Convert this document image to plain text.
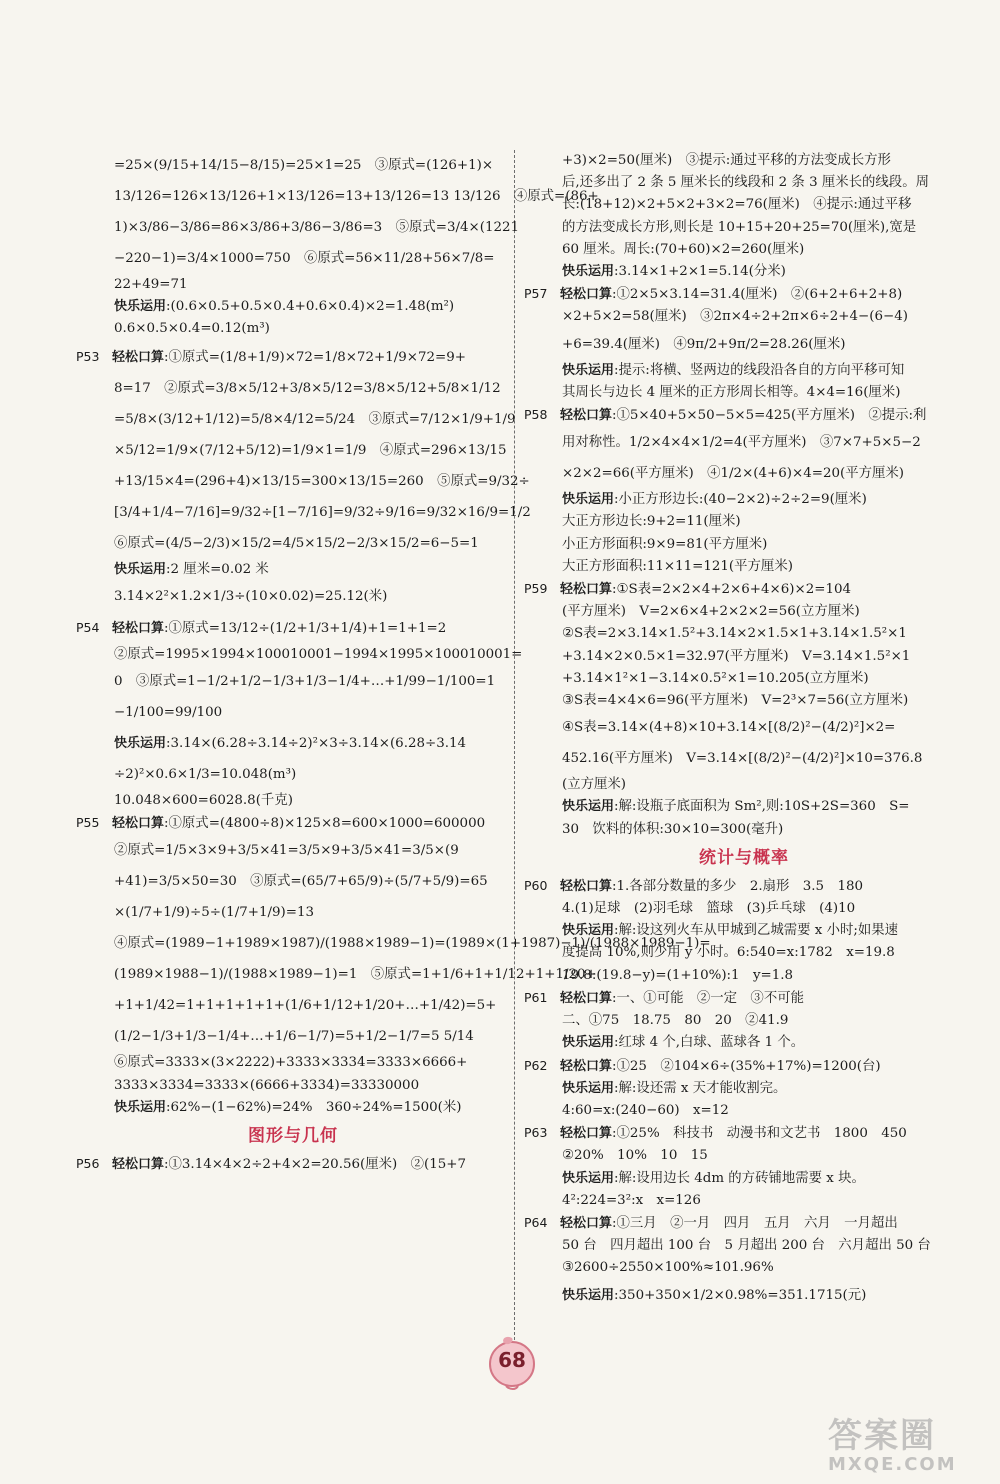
=25×(9/15+14/15−8/15)=25×1=25　③原式=(126+1)×
13/126=126×13/126+1×13/126=13+13/126=13 13/126　④原式=(86+
1)×3/86−3/86=86×3/86+3/86−3/86=3　⑤原式=3/4×(1221
−220−1)=3/4×1000=750　⑥原式=56×11/28+56×7/8=
22+49=71
快乐运用:(0.6×0.5+0.5×0.4+0.6×0.4)×2=1.48(m²)
0.6×0.5×0.4=0.12(m³)
P53 轻松口算:①原式=(1/8+1/9)×72=1/8×72+1/9×72=9+
8=17　②原式=3/8×5/12+3/8×5/12=3/8×5/12+5/8×1/12
=5/8×(3/12+1/12)=5/8×4/12=5/24　③原式=7/12×1/9+1/9
×5/12=1/9×(7/12+5/12)=1/9×1=1/9　④原式=296×13/15
+13/15×4=(296+4)×13/15=300×13/15=260　⑤原式=9/32÷
[3/4+1/4−7/16]=9/32÷[1−7/16]=9/32÷9/16=9/32×16/9=1/2
⑥原式=(4/5−2/3)×15/2=4/5×15/2−2/3×15/2=6−5=1
快乐运用:2 厘米=0.02 米
3.14×2²×1.2×1/3÷(10×0.02)=25.12(米)
P54 轻松口算:①原式=13/12÷(1/2+1/3+1/4)+1=1+1=2
②原式=1995×1994×100010001−1994×1995×100010001=
0　③原式=1−1/2+1/2−1/3+1/3−1/4+…+1/99−1/100=1
−1/100=99/100
快乐运用:3.14×(6.28÷3.14÷2)²×3÷3.14×(6.28÷3.14
÷2)²×0.6×1/3=10.048(m³)
10.048×600=6028.8(千克)
P55 轻松口算:①原式=(4800÷8)×125×8=600×1000=600000
②原式=1/5×3×9+3/5×41=3/5×9+3/5×41=3/5×(9
+41)=3/5×50=30　③原式=(65/7+65/9)÷(5/7+5/9)=65
×(1/7+1/9)÷5÷(1/7+1/9)=13
④原式=(1989−1+1989×1987)/(1988×1989−1)=(1989×(1+1987)−1)/(1988×1989−1)=
(1989×1988−1)/(1988×1989−1)=1　⑤原式=1+1/6+1+1/12+1+1/20+
+1+1/42=1+1+1+1+1+(1/6+1/12+1/20+…+1/42)=5+
(1/2−1/3+1/3−1/4+…+1/6−1/7)=5+1/2−1/7=5 5/14
⑥原式=3333×(3×2222)+3333×3334=3333×6666+
3333×3334=3333×(6666+3334)=33330000
快乐运用:62%−(1−62%)=24%　360÷24%=1500(米)
图形与几何
P56 轻松口算:①3.14×4×2÷2+4×2=20.56(厘米)　②(15+7
+3)×2=50(厘米)　③提示:通过平移的方法变成长方形
后,还多出了 2 条 5 厘米长的线段和 2 条 3 厘米长的线段。周
长:(18+12)×2+5×2+3×2=76(厘米)　④提示:通过平移
的方法变成长方形,则长是 10+15+20+25=70(厘米),宽是
60 厘米。周长:(70+60)×2=260(厘米)
快乐运用:3.14×1+2×1=5.14(分米)
P57 轻松口算:①2×5×3.14=31.4(厘米)　②(6+2+6+2+8)
×2+5×2=58(厘米)　③2π×4÷2+2π×6÷2+4−(6−4)
+6=39.4(厘米)　④9π/2+9π/2=28.26(厘米)
快乐运用:提示:将横、竖两边的线段沿各自的方向平移可知
其周长与边长 4 厘米的正方形周长相等。4×4=16(厘米)
P58 轻松口算:①5×40+5×50−5×5=425(平方厘米)　②提示:利
用对称性。1/2×4×4×1/2=4(平方厘米)　③7×7+5×5−2
×2×2=66(平方厘米)　④1/2×(4+6)×4=20(平方厘米)
快乐运用:小正方形边长:(40−2×2)÷2÷2=9(厘米)
大正方形边长:9+2=11(厘米)
小正方形面积:9×9=81(平方厘米)
大正方形面积:11×11=121(平方厘米)
P59 轻松口算:①S表=2×2×4+2×6+4×6)×2=104
(平方厘米)　V=2×6×4+2×2×2=56(立方厘米)
②S表=2×3.14×1.5²+3.14×2×1.5×1+3.14×1.5²×1
+3.14×2×0.5×1=32.97(平方厘米)　V=3.14×1.5²×1
+3.14×1²×1−3.14×0.5²×1=10.205(立方厘米)
③S表=4×4×6=96(平方厘米)　V=2³×7=56(立方厘米)
④S表=3.14×(4+8)×10+3.14×[(8/2)²−(4/2)²]×2=
452.16(平方厘米)　V=3.14×[(8/2)²−(4/2)²]×10=376.8
(立方厘米)
快乐运用:解:设瓶子底面积为 Sm²,则:10S+2S=360　S=
30　饮料的体积:30×10=300(毫升)
统计与概率
P60 轻松口算:1.各部分数量的多少　2.扇形　3.5　180
4.(1)足球　(2)羽毛球　篮球　(3)乒乓球　(4)10
快乐运用:解:设这列火车从甲城到乙城需要 x 小时;如果速
度提高 10%,则少用 y 小时。6:540=x:1782　x=19.8
19.8:(19.8−y)=(1+10%):1　y=1.8
P61 轻松口算:一、①可能　②一定　③不可能
二、①75　18.75　80　20　②41.9
快乐运用:红球 4 个,白球、蓝球各 1 个。
P62 轻松口算:①25　②104×6÷(35%+17%)=1200(台)
快乐运用:解:设还需 x 天才能收割完。
4:60=x:(240−60)　x=12
P63 轻松口算:①25%　科技书　动漫书和文艺书　1800　450
②20%　10%　10　15
快乐运用:解:设用边长 4dm 的方砖铺地需要 x 块。
4²:224=3²:x　x=126
P64 轻松口算:①三月　②一月　四月　五月　六月　一月超出
50 台　四月超出 100 台　5 月超出 200 台　六月超出 50 台
③2600÷2550×100%≈101.96%
快乐运用:350+350×1/2×0.98%=351.1715(元)
68
答案圈
MXQE.COM
